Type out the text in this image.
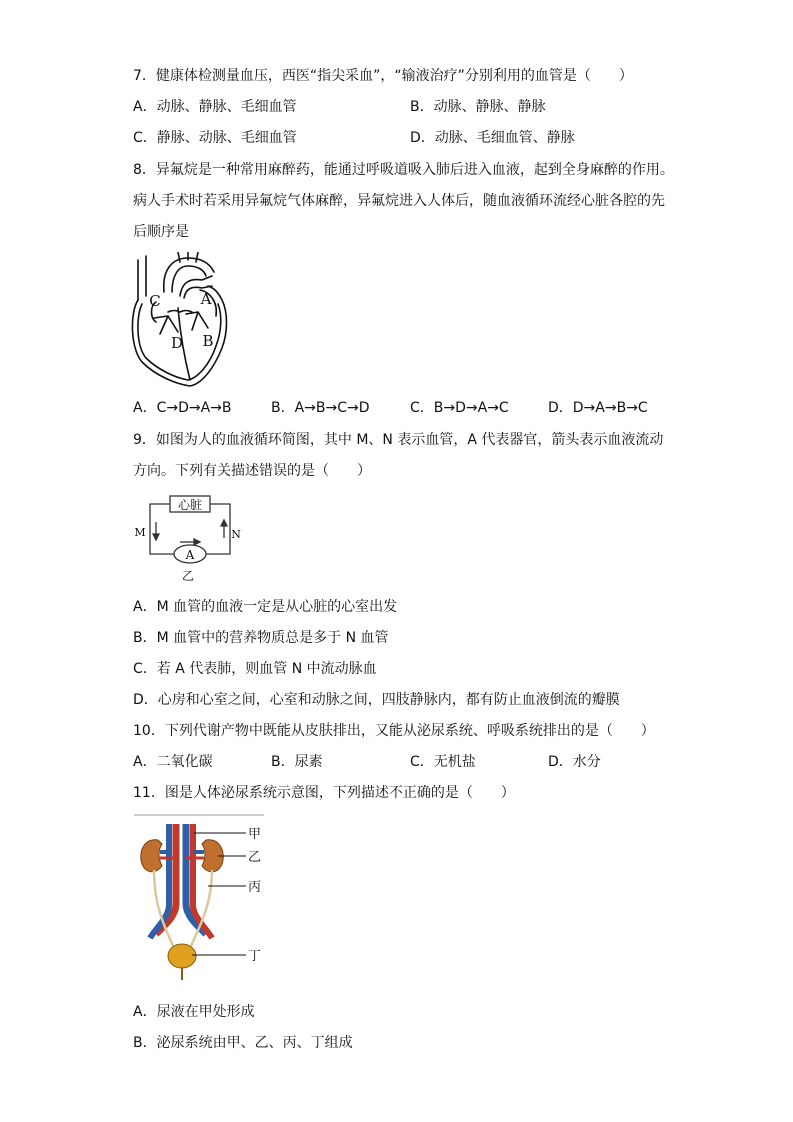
7．健康体检测量血压，西医“指尖采血”，“输液治疗”分别利用的血管是（　　）
A．动脉、静脉、毛细血管	B．动脉、静脉、静脉
C．静脉、动脉、毛细血管	D．动脉、毛细血管、静脉
8．异氟烷是一种常用麻醉药，能通过呼吸道吸入肺后进入血液，起到全身麻醉的作用。
病人手术时若采用异氟烷气体麻醉，异氟烷进入人体后，随血液循环流经心脏各腔的先
后顺序是
C	A
D B
A．C→D→A→B	B．A→B→C→D	C．B→D→A→C	D．D→A→B→C
9．如图为人的血液循环简图，其中 M、N 表示血管，A 代表器官，箭头表示血液流动
方向。下列有关描述错误的是（　　）
心脏
M	N
A
乙
A．M 血管的血液一定是从心脏的心室出发
B．M 血管中的营养物质总是多于 N 血管
C．若 A 代表肺，则血管 N 中流动脉血
D．心房和心室之间，心室和动脉之间，四肢静脉内，都有防止血液倒流的瓣膜
10．下列代谢产物中既能从皮肤排出，又能从泌尿系统、呼吸系统排出的是（　　）
A．二氧化碳	B．尿素	C．无机盐	D．水分
11．图是人体泌尿系统示意图，下列描述不正确的是（　　）
甲
乙
丙
丁
A．尿液在甲处形成
B．泌尿系统由甲、乙、丙、丁组成
